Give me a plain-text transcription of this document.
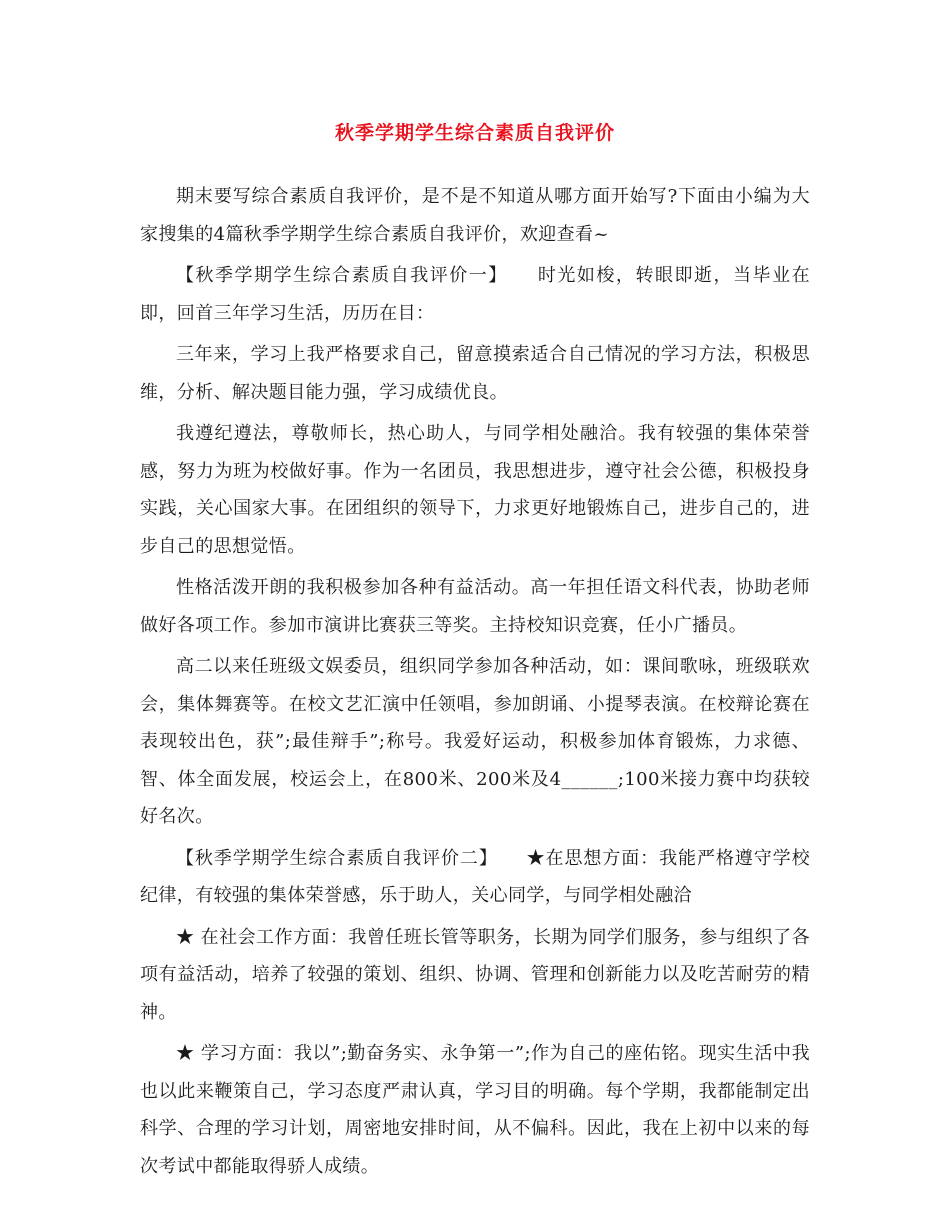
秋季学期学生综合素质自我评价

期末要写综合素质自我评价，是不是不知道从哪方面开始写?下面由小编为大家搜集的4篇秋季学期学生综合素质自我评价，欢迎查看~

【秋季学期学生综合素质自我评价一】　　时光如梭，转眼即逝，当毕业在即，回首三年学习生活，历历在目：

三年来，学习上我严格要求自己，留意摸索适合自己情况的学习方法，积极思维，分析、解决题目能力强，学习成绩优良。

我遵纪遵法，尊敬师长，热心助人，与同学相处融洽。我有较强的集体荣誉感，努力为班为校做好事。作为一名团员，我思想进步，遵守社会公德，积极投身实践，关心国家大事。在团组织的领导下，力求更好地锻炼自己，进步自己的，进步自己的思想觉悟。

性格活泼开朗的我积极参加各种有益活动。高一年担任语文科代表，协助老师做好各项工作。参加市演讲比赛获三等奖。主持校知识竞赛，任小广播员。

高二以来任班级文娱委员，组织同学参加各种活动，如：课间歌咏，班级联欢会，集体舞赛等。在校文艺汇演中任领唱，参加朗诵、小提琴表演。在校辩论赛在表现较出色，获”;最佳辩手”;称号。我爱好运动，积极参加体育锻炼，力求德、智、体全面发展，校运会上，在800米、200米及4______;100米接力赛中均获较好名次。

【秋季学期学生综合素质自我评价二】　　★在思想方面：我能严格遵守学校纪律，有较强的集体荣誉感，乐于助人，关心同学，与同学相处融洽

★ 在社会工作方面：我曾任班长管等职务，长期为同学们服务，参与组织了各项有益活动，培养了较强的策划、组织、协调、管理和创新能力以及吃苦耐劳的精神。

★ 学习方面：我以”;勤奋务实、永争第一”;作为自己的座佑铭。现实生活中我也以此来鞭策自己，学习态度严肃认真，学习目的明确。每个学期，我都能制定出科学、合理的学习计划，周密地安排时间，从不偏科。因此，我在上初中以来的每次考试中都能取得骄人成绩。
